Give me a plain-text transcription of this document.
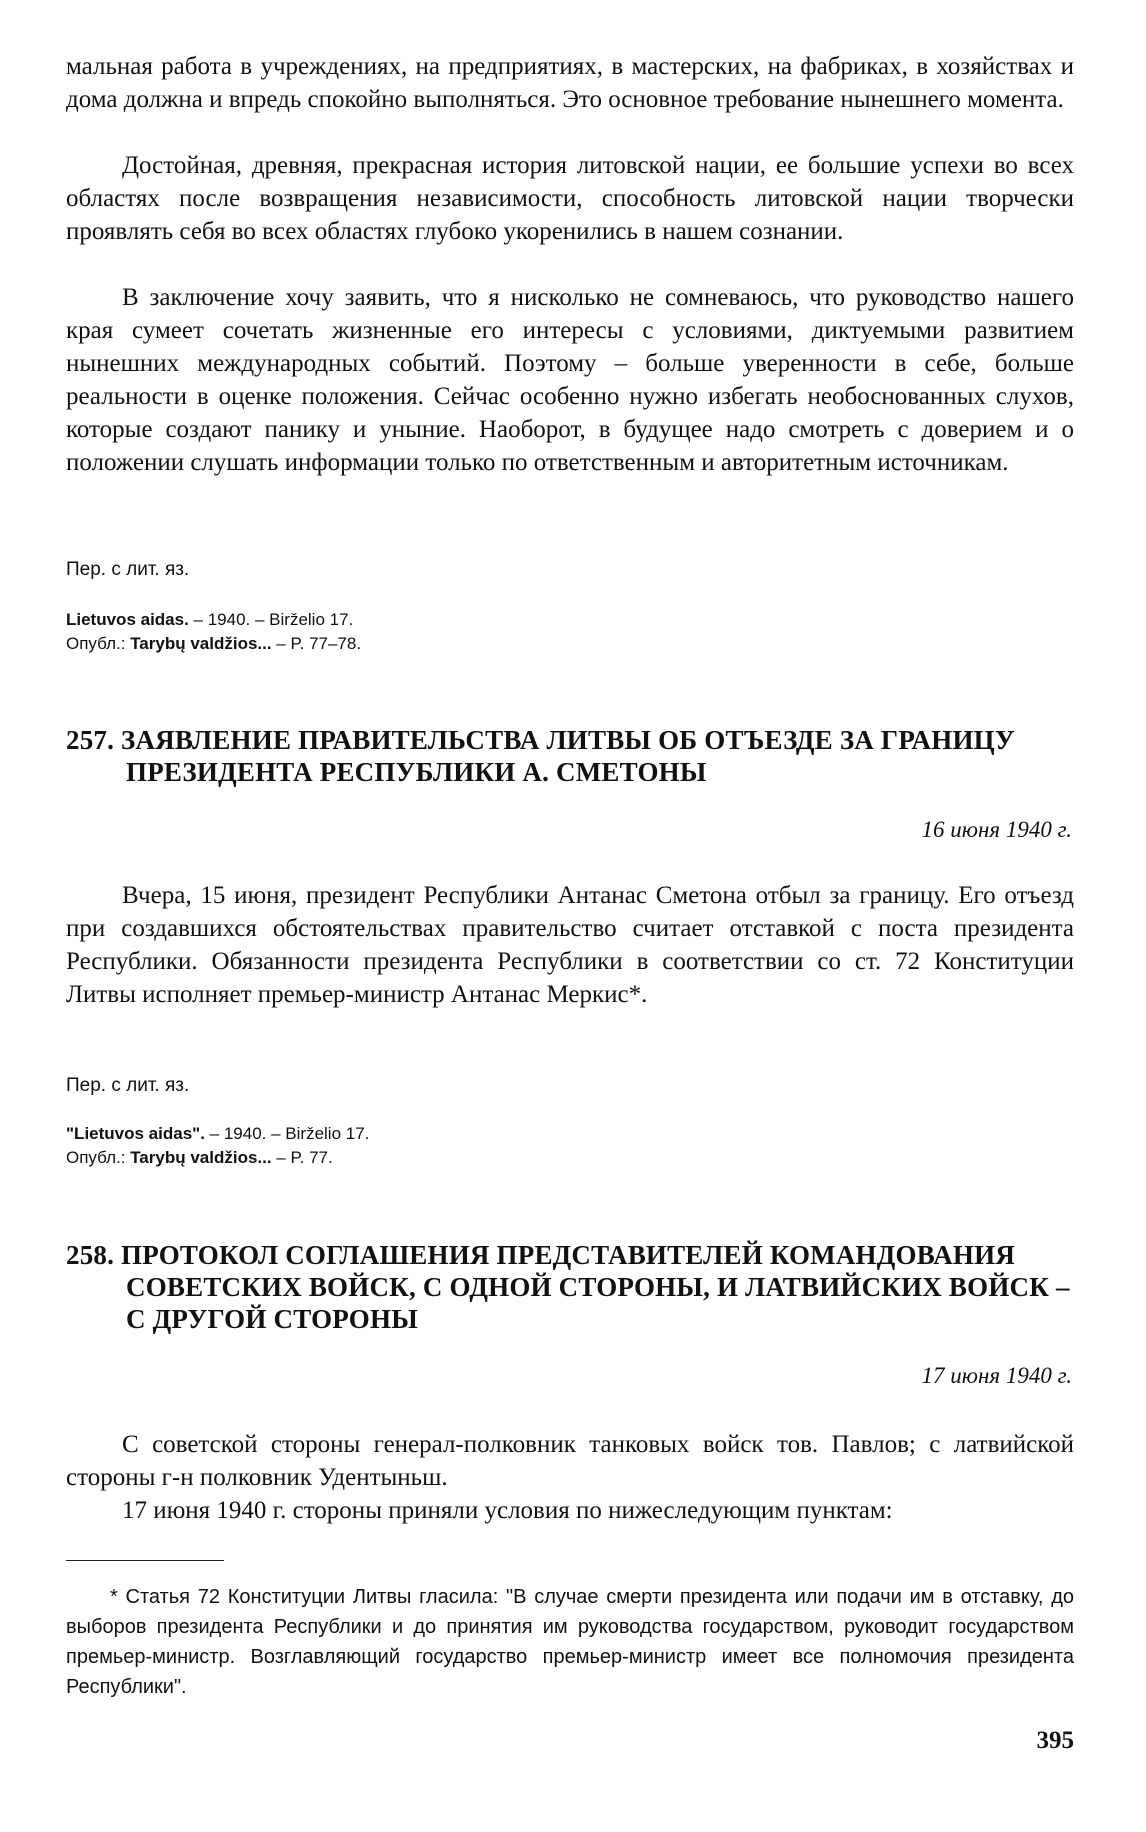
мальная работа в учреждениях, на предприятиях, в мастерских, на фабриках, в хозяйствах и дома должна и впредь спокойно выполняться. Это основное требование нынешнего момента.

Достойная, древняя, прекрасная история литовской нации, ее большие успехи во всех областях после возвращения независимости, способность литовской нации творчески проявлять себя во всех областях глубоко укоренились в нашем сознании.

В заключение хочу заявить, что я нисколько не сомневаюсь, что руководство нашего края сумеет сочетать жизненные его интересы с условиями, диктуемыми развитием нынешних международных событий. Поэтому – больше уверенности в себе, больше реальности в оценке положения. Сейчас особенно нужно избегать необоснованных слухов, которые создают панику и уныние. Наоборот, в будущее надо смотреть с доверием и о положении слушать информации только по ответственным и авторитетным источникам.

Пер. с лит. яз.

Lietuvos aidas. – 1940. – Birželio 17.

Опубл.: Tarybų valdžios... – P. 77–78.

257. ЗАЯВЛЕНИЕ ПРАВИТЕЛЬСТВА ЛИТВЫ ОБ ОТЪЕЗДЕ ЗА ГРАНИЦУ
ПРЕЗИДЕНТА РЕСПУБЛИКИ А. СМЕТОНЫ

16 июня 1940 г.

Вчера, 15 июня, президент Республики Антанас Сметона отбыл за границу. Его отъезд при создавшихся обстоятельствах правительство считает отставкой с поста президента Республики. Обязанности президента Республики в соответствии со ст. 72 Конституции Литвы исполняет премьер-министр Антанас Меркис*.

Пер. с лит. яз.

"Lietuvos aidas". – 1940. – Birželio 17.

Опубл.: Tarybų valdžios... – P. 77.

258. ПРОТОКОЛ СОГЛАШЕНИЯ ПРЕДСТАВИТЕЛЕЙ КОМАНДОВАНИЯ
СОВЕТСКИХ ВОЙСК, С ОДНОЙ СТОРОНЫ, И ЛАТВИЙСКИХ ВОЙСК –
С ДРУГОЙ СТОРОНЫ

17 июня 1940 г.

С советской стороны генерал-полковник танковых войск тов. Павлов; с латвийской стороны г-н полковник Удентыньш.

17 июня 1940 г. стороны приняли условия по нижеследующим пунктам:

* Статья 72 Конституции Литвы гласила: "В случае смерти президента или подачи им в отставку, до выборов президента Республики и до принятия им руководства государством, руководит государством премьер-министр. Возглавляющий государство премьер-министр имеет все полномочия президента Республики".

395
